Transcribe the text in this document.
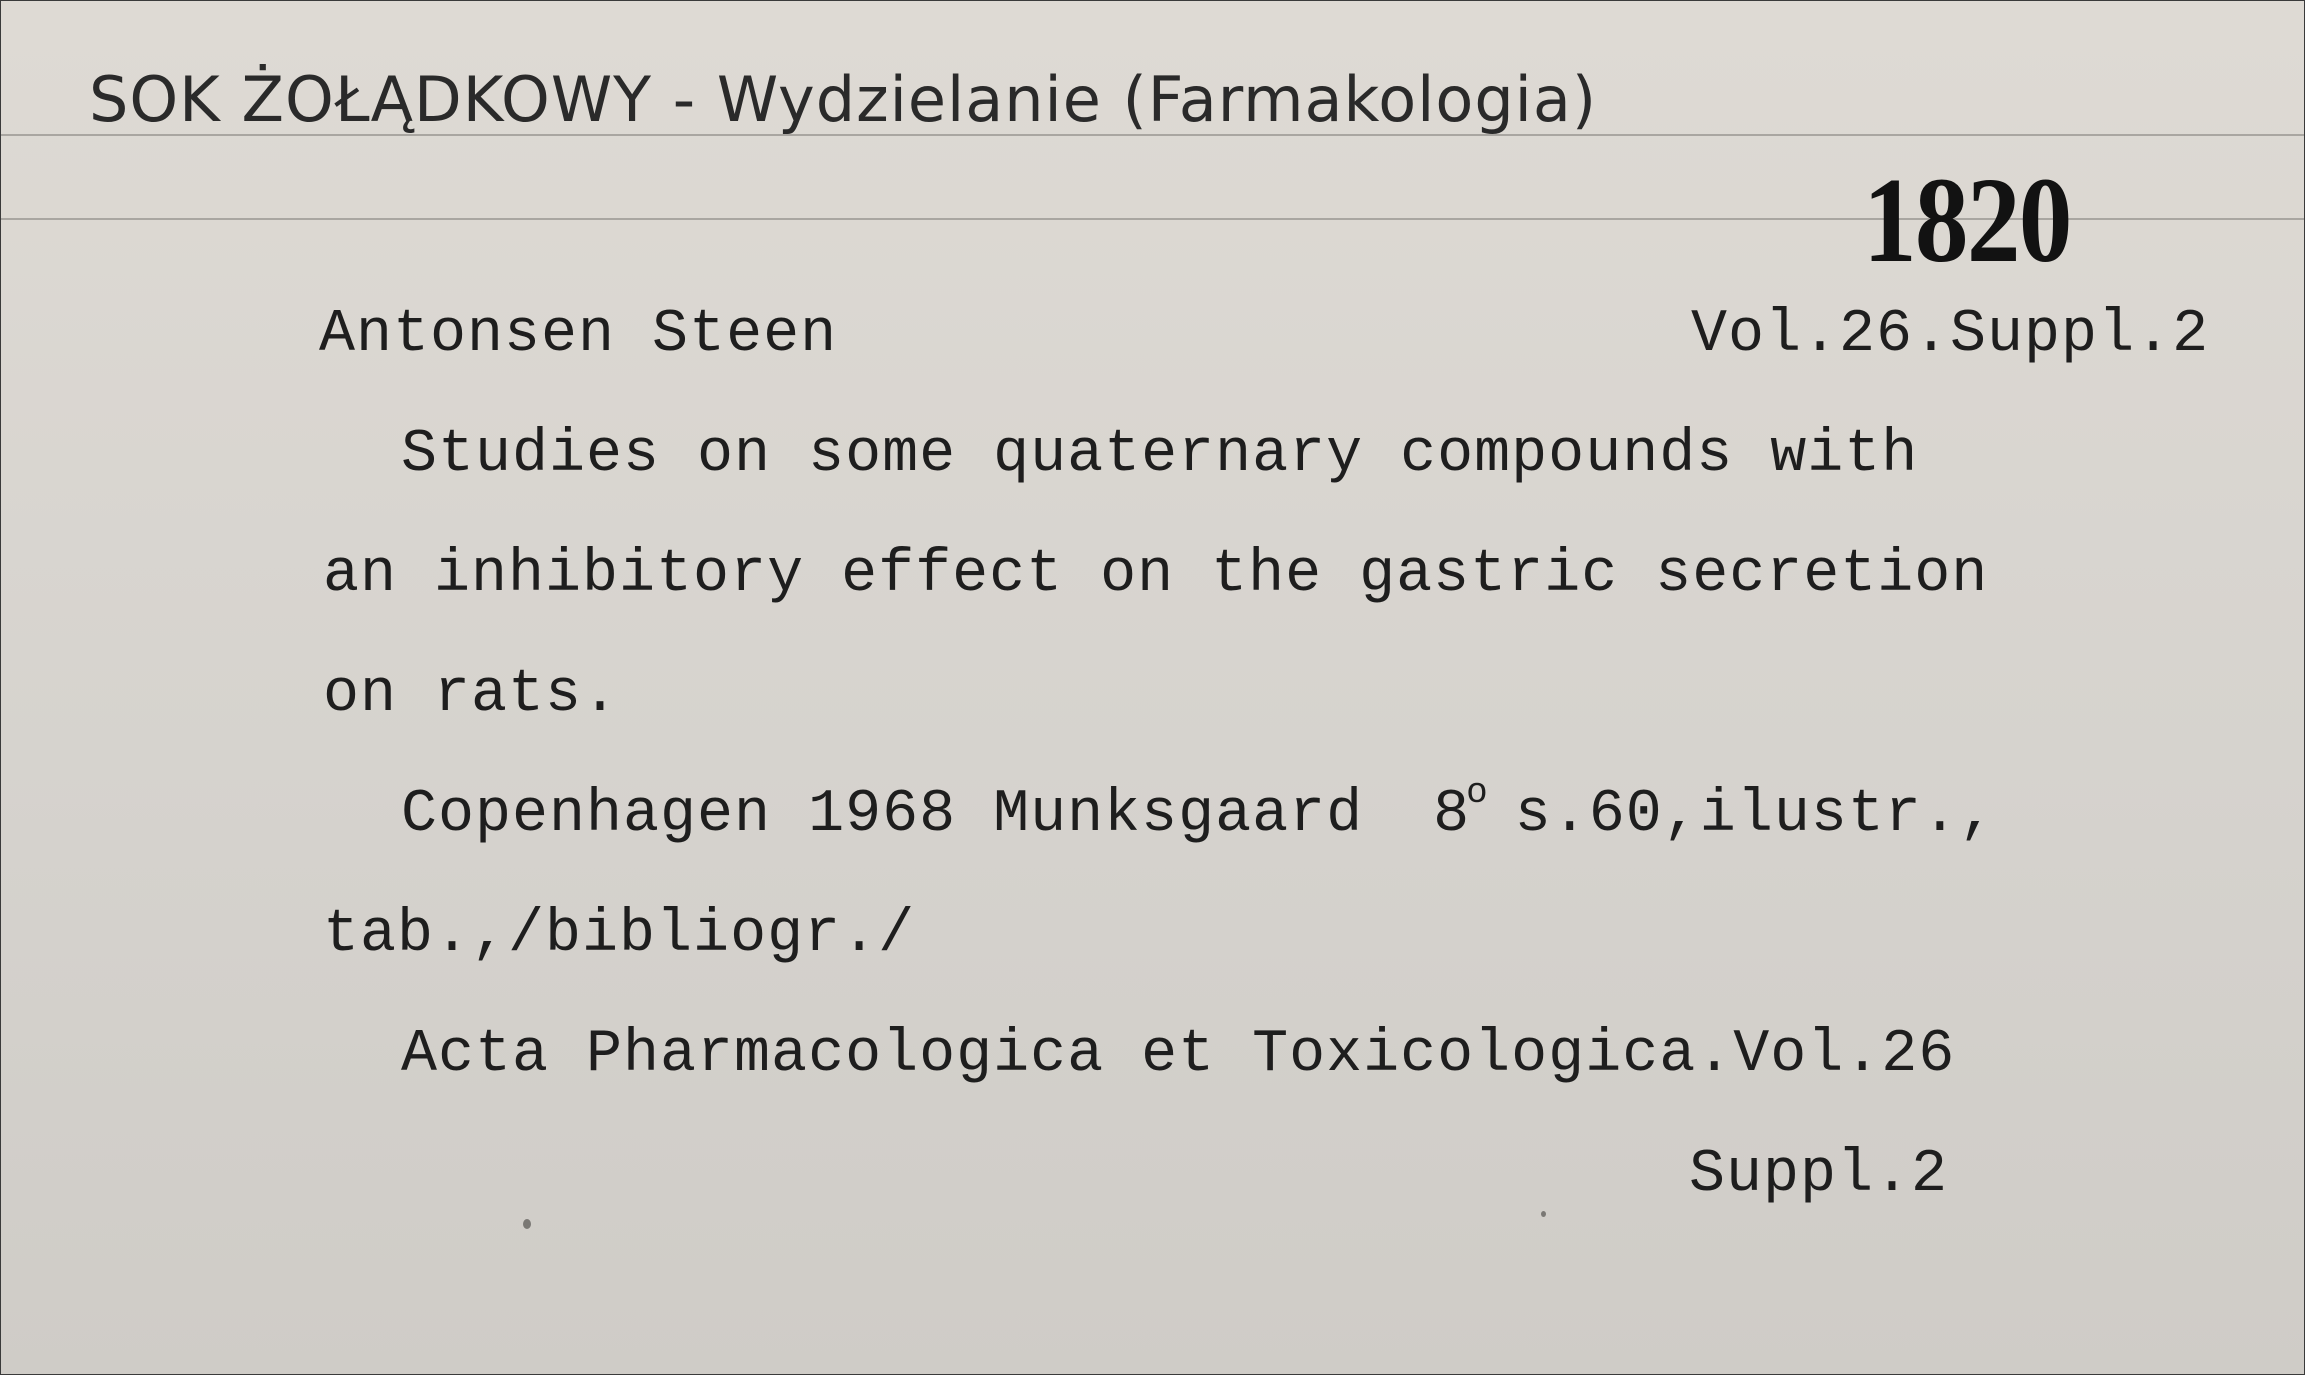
SOK ŻOŁĄDKOWY - Wydzielanie (Farmakologia)
1820
Antonsen Steen	Vol.26.Suppl.2
Studies on some quaternary compounds with
an inhibitory effect on the gastric secretion
on rats.
Copenhagen 1968 Munksgaard 8$^o$ s.60,ilustr.,
tab.,/bibliogr./
Acta Pharmacologica et Toxicologica.Vol.26
Suppl.2
